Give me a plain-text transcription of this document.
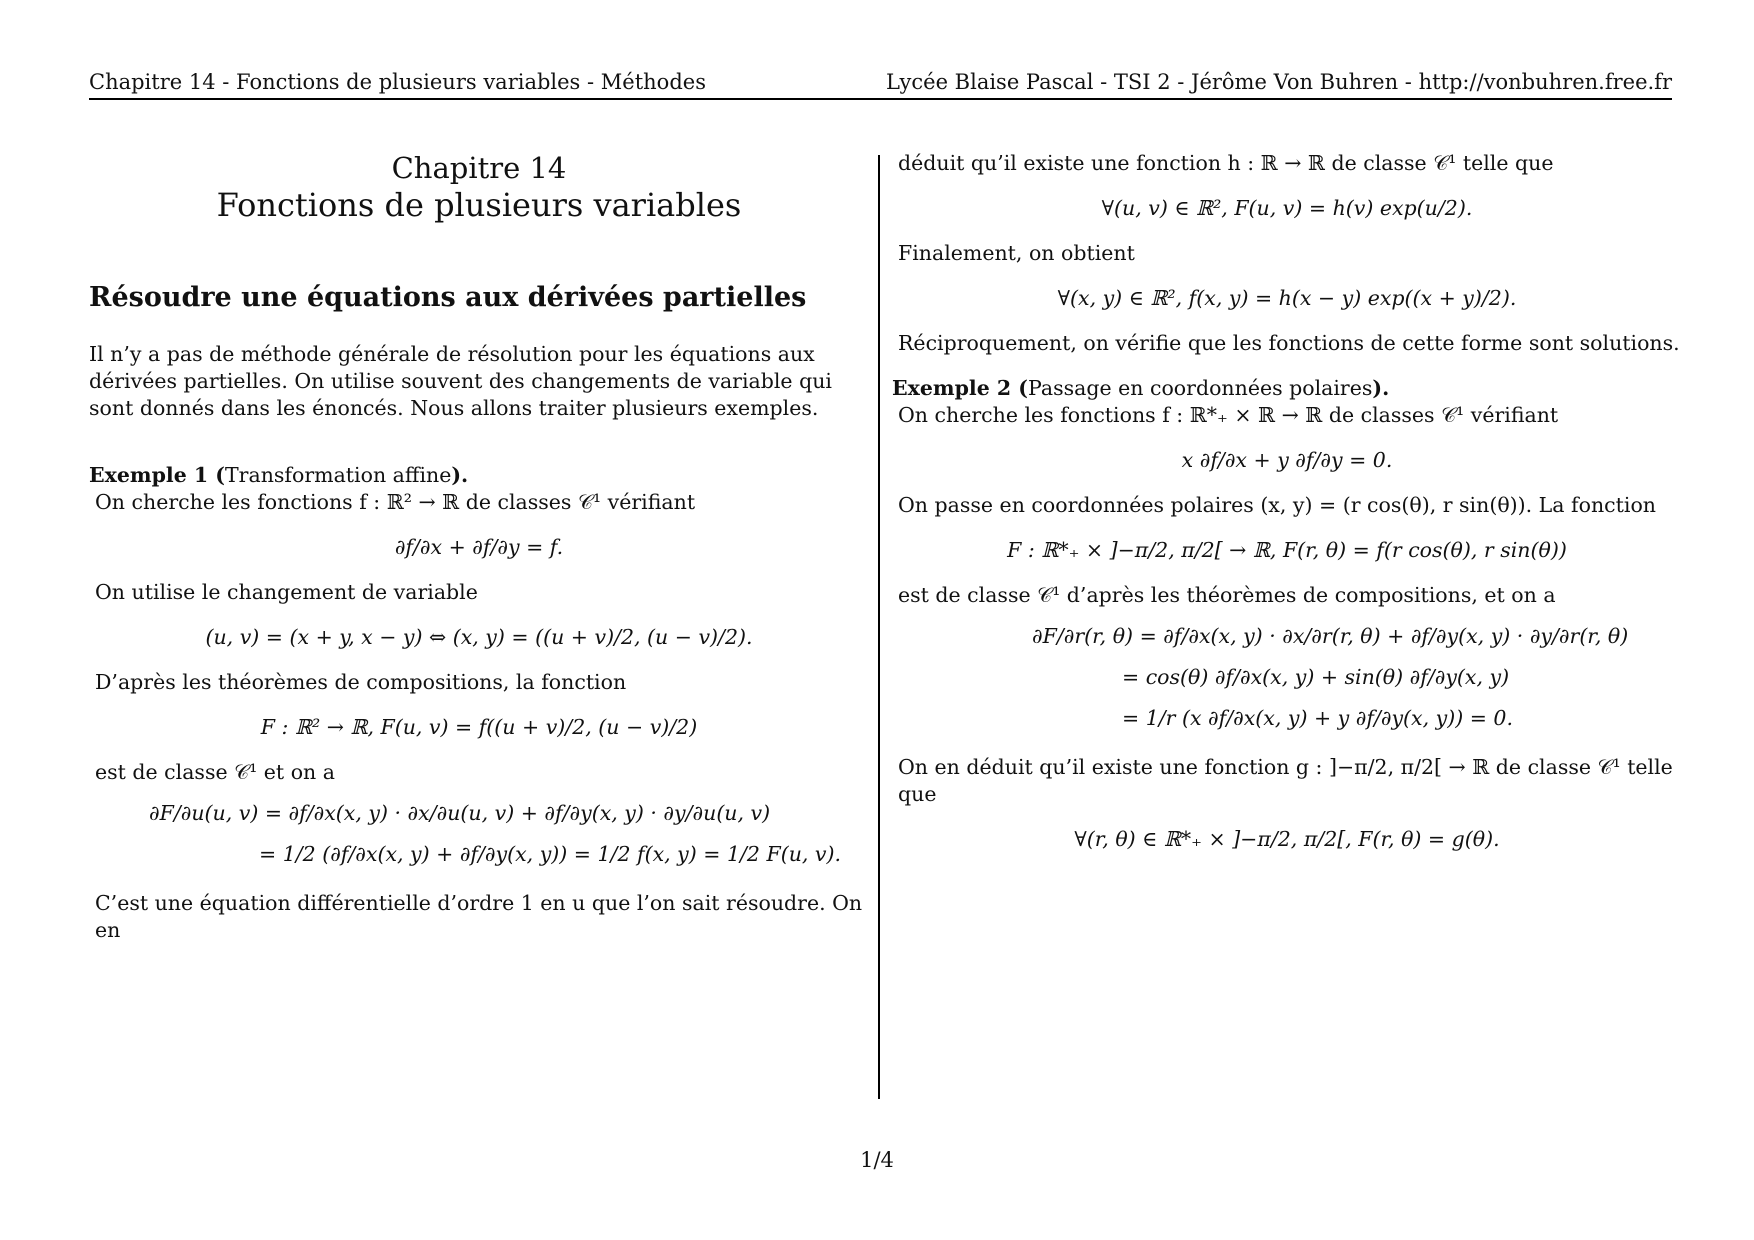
Chapitre 14 - Fonctions de plusieurs variables - Méthodes	Lycée Blaise Pascal - TSI 2 - Jérôme Von Buhren - http://vonbuhren.free.fr
Chapitre 14
Fonctions de plusieurs variables
Résoudre une équations aux dérivées partielles

Il n’y a pas de méthode générale de résolution pour les équations aux dérivées partielles. On utilise souvent des changements de variable qui sont donnés dans les énoncés. Nous allons traiter plusieurs exemples.

Exemple 1 (Transformation affine).

On cherche les fonctions f : ℝ² → ℝ de classes 𝒞¹ vérifiant

∂f/∂x + ∂f/∂y = f.

On utilise le changement de variable

(u, v) = (x + y, x − y) ⇔ (x, y) = ((u + v)/2, (u − v)/2).

D’après les théorèmes de compositions, la fonction

F : ℝ² → ℝ, F(u, v) = f((u + v)/2, (u − v)/2)

est de classe 𝒞¹ et on a

∂F/∂u(u, v) = ∂f/∂x(x, y) · ∂x/∂u(u, v) + ∂f/∂y(x, y) · ∂y/∂u(u, v)
= 1/2 (∂f/∂x(x, y) + ∂f/∂y(x, y)) = 1/2 f(x, y) = 1/2 F(u, v).

C’est une équation différentielle d’ordre 1 en u que l’on sait résoudre. On en

déduit qu’il existe une fonction h : ℝ → ℝ de classe 𝒞¹ telle que

∀(u, v) ∈ ℝ², F(u, v) = h(v) exp(u/2).

Finalement, on obtient

∀(x, y) ∈ ℝ², f(x, y) = h(x − y) exp((x + y)/2).

Réciproquement, on vérifie que les fonctions de cette forme sont solutions.

Exemple 2 (Passage en coordonnées polaires).

On cherche les fonctions f : ℝ*₊ × ℝ → ℝ de classes 𝒞¹ vérifiant

x ∂f/∂x + y ∂f/∂y = 0.

On passe en coordonnées polaires (x, y) = (r cos(θ), r sin(θ)). La fonction

F : ℝ*₊ × ]−π/2, π/2[ → ℝ, F(r, θ) = f(r cos(θ), r sin(θ))

est de classe 𝒞¹ d’après les théorèmes de compositions, et on a

∂F/∂r(r, θ) = ∂f/∂x(x, y) · ∂x/∂r(r, θ) + ∂f/∂y(x, y) · ∂y/∂r(r, θ)
= cos(θ) ∂f/∂x(x, y) + sin(θ) ∂f/∂y(x, y)
= 1/r (x ∂f/∂x(x, y) + y ∂f/∂y(x, y)) = 0.

On en déduit qu’il existe une fonction g : ]−π/2, π/2[ → ℝ de classe 𝒞¹ telle que

∀(r, θ) ∈ ℝ*₊ × ]−π/2, π/2[, F(r, θ) = g(θ).
1/4
